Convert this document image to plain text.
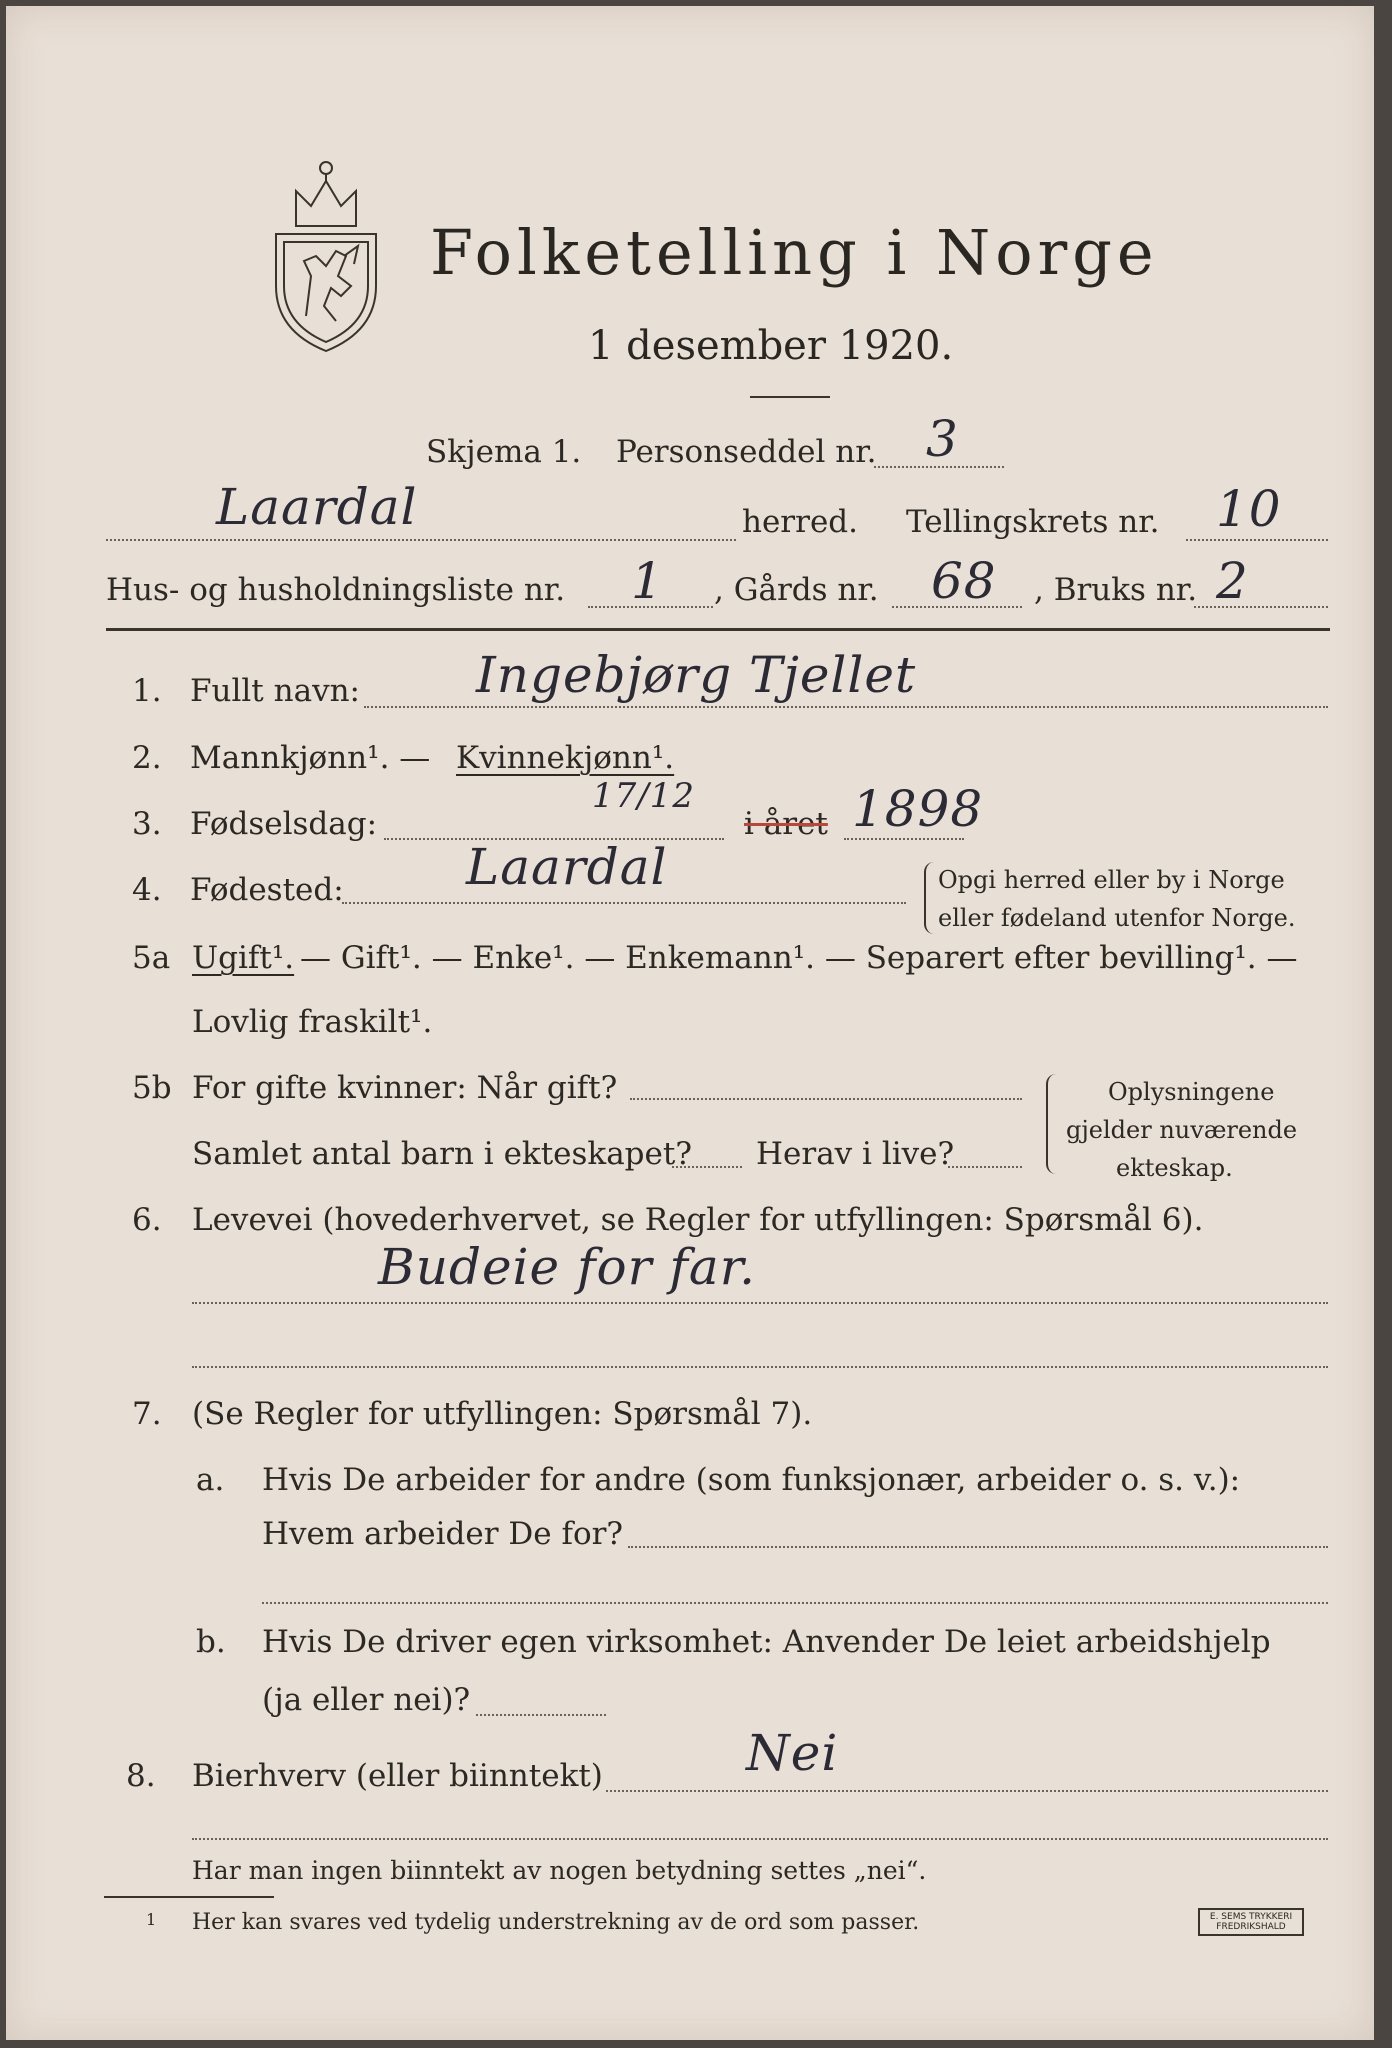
Folketelling i Norge
1 desember 1920.
Skjema 1. Personseddel nr. 3
Laardal	herred. Tellingskrets nr. 10
Hus- og husholdningsliste nr. 1 , Gårds nr. 68 , Bruks nr. 2
1. Fullt navn: Ingebjørg Tjellet
2. Mannkjønn¹. — Kvinnekjønn¹.
3. Fødselsdag:
17/12
i året 1898
4. Fødested: Laardal	Opgi herred eller by i Norge
eller fødeland utenfor Norge.
5a Ugift¹. — Gift¹. — Enke¹. — Enkemann¹. — Separert efter bevilling¹. —
Lovlig fraskilt¹.
5b For gifte kvinner: Når gift?
Samlet antal barn i ekteskapet? Herav i live?
Oplysningene
gjelder nuværende
ekteskap.
6. Levevei (hovederhvervet, se Regler for utfyllingen: Spørsmål 6).
Budeie for far.
7. (Se Regler for utfyllingen: Spørsmål 7).
a. Hvis De arbeider for andre (som funksjonær, arbeider o. s. v.):
Hvem arbeider De for?
b. Hvis De driver egen virksomhet: Anvender De leiet arbeidshjelp
(ja eller nei)?
8. Bierhverv (eller biinntekt)	Nei
Har man ingen biinntekt av nogen betydning settes „nei“.
1 Her kan svares ved tydelig understrekning av de ord som passer.	E. SEMS TRYKKERI FREDRIKSHALD
